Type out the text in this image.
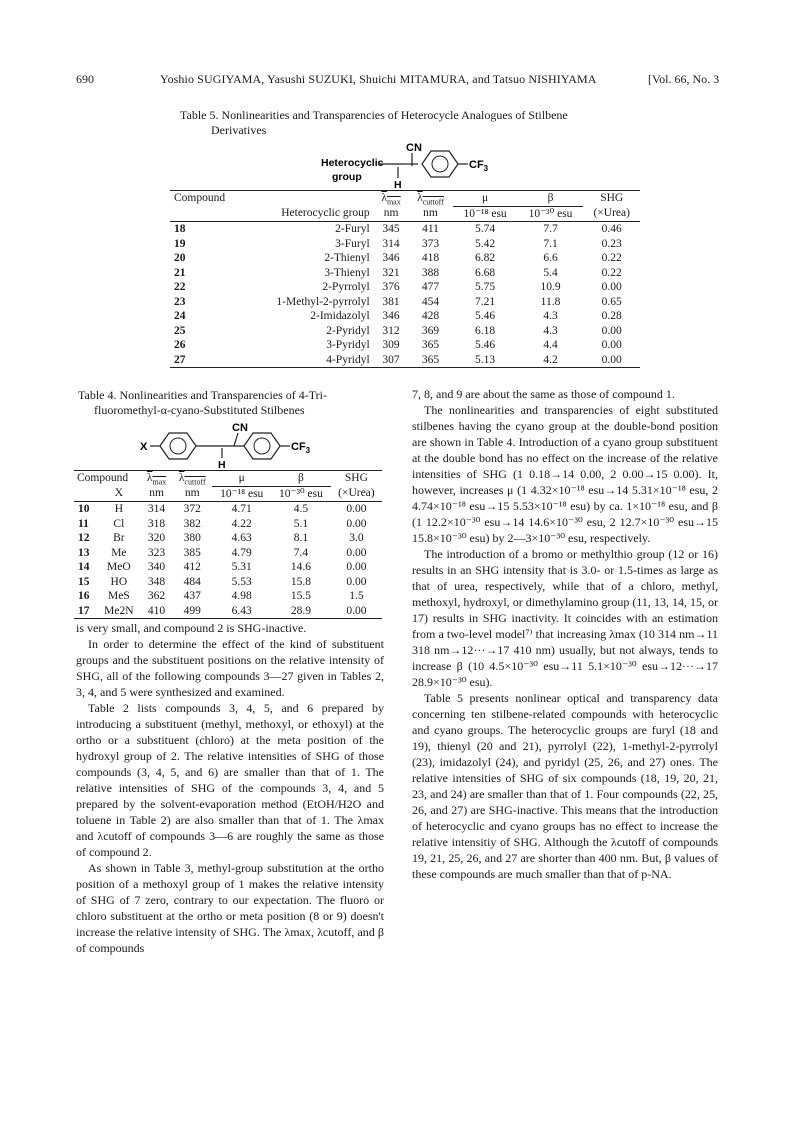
690	Yoshio SUGIYAMA, Yasushi SUZUKI, Shuichi MITAMURA, and Tatsuo NISHIYAMA	[Vol. 66, No. 3
Table 5. Nonlinearities and Transparencies of Heterocycle Analogues of Stilbene
Derivatives
CN
Heterocyclic
group
H
$CF_3$
Compound		$\lambda_{max}$	$\lambda_{cuttoff}$	μ	β	SHG
	Heterocyclic group	nm	nm	10⁻¹⁸ esu	10⁻³⁰ esu	(×Urea)
18	2-Furyl	345	411	5.74	7.7	0.46
19	3-Furyl	314	373	5.42	7.1	0.23
20	2-Thienyl	346	418	6.82	6.6	0.22
21	3-Thienyl	321	388	6.68	5.4	0.22
22	2-Pyrrolyl	376	477	5.75	10.9	0.00
23	1-Methyl-2-pyrrolyl	381	454	7.21	11.8	0.65
24	2-Imidazolyl	346	428	5.46	4.3	0.28
25	2-Pyridyl	312	369	6.18	4.3	0.00
26	3-Pyridyl	309	365	5.46	4.4	0.00
27	4-Pyridyl	307	365	5.13	4.2	0.00
Table 4. Nonlinearities and Transparencies of 4-Tri-
fluoromethyl-α-cyano-Substituted Stilbenes
X
CN
H
$CF_3$
Compound		$\lambda_{max}$	$\lambda_{cuttoff}$	μ	β	SHG
	X	nm	nm	10⁻¹⁸ esu	10⁻³⁰ esu	(×Urea)
10	H	314	372	4.71	4.5	0.00
11	Cl	318	382	4.22	5.1	0.00
12	Br	320	380	4.63	8.1	3.0
13	Me	323	385	4.79	7.4	0.00
14	MeO	340	412	5.31	14.6	0.00
15	HO	348	484	5.53	15.8	0.00
16	MeS	362	437	4.98	15.5	1.5
17	Me2N	410	499	6.43	28.9	0.00

is very small, and compound 2 is SHG-inactive.

In order to determine the effect of the kind of substituent groups and the substituent positions on the relative intensity of SHG, all of the following compounds 3—27 given in Tables 2, 3, 4, and 5 were synthesized and examined.

Table 2 lists compounds 3, 4, 5, and 6 prepared by introducing a substituent (methyl, methoxyl, or ethoxyl) at the ortho or a substituent (chloro) at the meta position of the hydroxyl group of 2. The relative intensities of SHG of those compounds (3, 4, 5, and 6) are smaller than that of 1. The relative intensities of SHG of the compounds 3, 4, and 5 prepared by the solvent-evaporation method (EtOH/H2O and toluene in Table 2) are also smaller than that of 1. The λmax and λcutoff of compounds 3—6 are roughly the same as those of compound 2.

As shown in Table 3, methyl-group substitution at the ortho position of a methoxyl group of 1 makes the relative intensity of SHG of 7 zero, contrary to our expectation. The fluoro or chloro substituent at the ortho or meta position (8 or 9) doesn't increase the relative intensity of SHG. The λmax, λcutoff, and β of compounds

7, 8, and 9 are about the same as those of compound 1.

The nonlinearities and transparencies of eight substituted stilbenes having the cyano group at the double-bond position are shown in Table 4. Introduction of a cyano group substituent at the double bond has no effect on the increase of the relative intensities of SHG (1 0.18→14 0.00, 2 0.00→15 0.00). It, however, increases μ (1 4.32×10⁻¹⁸ esu→14 5.31×10⁻¹⁸ esu, 2 4.74×10⁻¹⁸ esu→15 5.53×10⁻¹⁸ esu) by ca. 1×10⁻¹⁸ esu, and β (1 12.2×10⁻³⁰ esu→14 14.6×10⁻³⁰ esu, 2 12.7×10⁻³⁰ esu→15 15.8×10⁻³⁰ esu) by 2—3×10⁻³⁰ esu, respectively.

The introduction of a bromo or methylthio group (12 or 16) results in an SHG intensity that is 3.0- or 1.5-times as large as that of urea, respectively, while that of a chloro, methyl, methoxyl, hydroxyl, or dimethylamino group (11, 13, 14, 15, or 17) results in SHG inactivity. It coincides with an estimation from a two-level model⁷⁾ that increasing λmax (10 314 nm→11 318 nm→12···→17 410 nm) usually, but not always, tends to increase β (10 4.5×10⁻³⁰ esu→11 5.1×10⁻³⁰ esu→12···→17 28.9×10⁻³⁰ esu).

Table 5 presents nonlinear optical and transparency data concerning ten stilbene-related compounds with heterocyclic and cyano groups. The heterocyclic groups are furyl (18 and 19), thienyl (20 and 21), pyrrolyl (22), 1-methyl-2-pyrrolyl (23), imidazolyl (24), and pyridyl (25, 26, and 27) ones. The relative intensities of SHG of six compounds (18, 19, 20, 21, 23, and 24) are smaller than that of 1. Four compounds (22, 25, 26, and 27) are SHG-inactive. This means that the introduction of heterocyclic and cyano groups has no effect to increase the relative intensitiy of SHG. Although the λcutoff of compounds 19, 21, 25, 26, and 27 are shorter than 400 nm. But, β values of these compounds are much smaller than that of p-NA.
